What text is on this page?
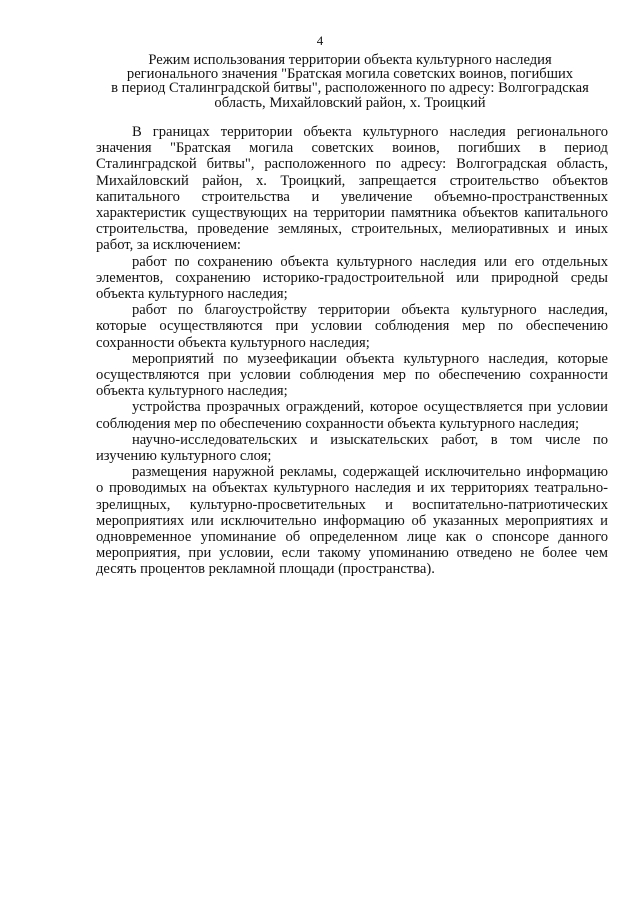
4
Режим использования территории объекта культурного наследия
регионального значения "Братская могила советских воинов, погибших
в период Сталинградской битвы", расположенного по адресу: Волгоградская
область, Михайловский район, х. Троицкий

В границах территории объекта культурного наследия регионального значения "Братская могила советских воинов, погибших в период Сталинградской битвы", расположенного по адресу: Волгоградская область, Михайловский район, х. Троицкий, запрещается строительство объектов капитального строительства и увеличение объемно-пространственных характеристик существующих на территории памятника объектов капитального строительства, проведение земляных, строительных, мелиоративных и иных работ, за исключением:

работ по сохранению объекта культурного наследия или его отдельных элементов, сохранению историко-градостроительной или природной среды объекта культурного наследия;

работ по благоустройству территории объекта культурного наследия, которые осуществляются при условии соблюдения мер по обеспечению сохранности объекта культурного наследия;

мероприятий по музеефикации объекта культурного наследия, которые осуществляются при условии соблюдения мер по обеспечению сохранности объекта культурного наследия;

устройства прозрачных ограждений, которое осуществляется при условии соблюдения мер по обеспечению сохранности объекта культурного наследия;

научно-исследовательских и изыскательских работ, в том числе по изучению культурного слоя;

размещения наружной рекламы, содержащей исключительно информацию о проводимых на объектах культурного наследия и их территориях театрально-зрелищных, культурно-просветительных и воспитательно-патриотических мероприятиях или исключительно информацию об указанных мероприятиях и одновременное упоминание об определенном лице как о спонсоре данного мероприятия, при условии, если такому упоминанию отведено не более чем десять процентов рекламной площади (пространства).
